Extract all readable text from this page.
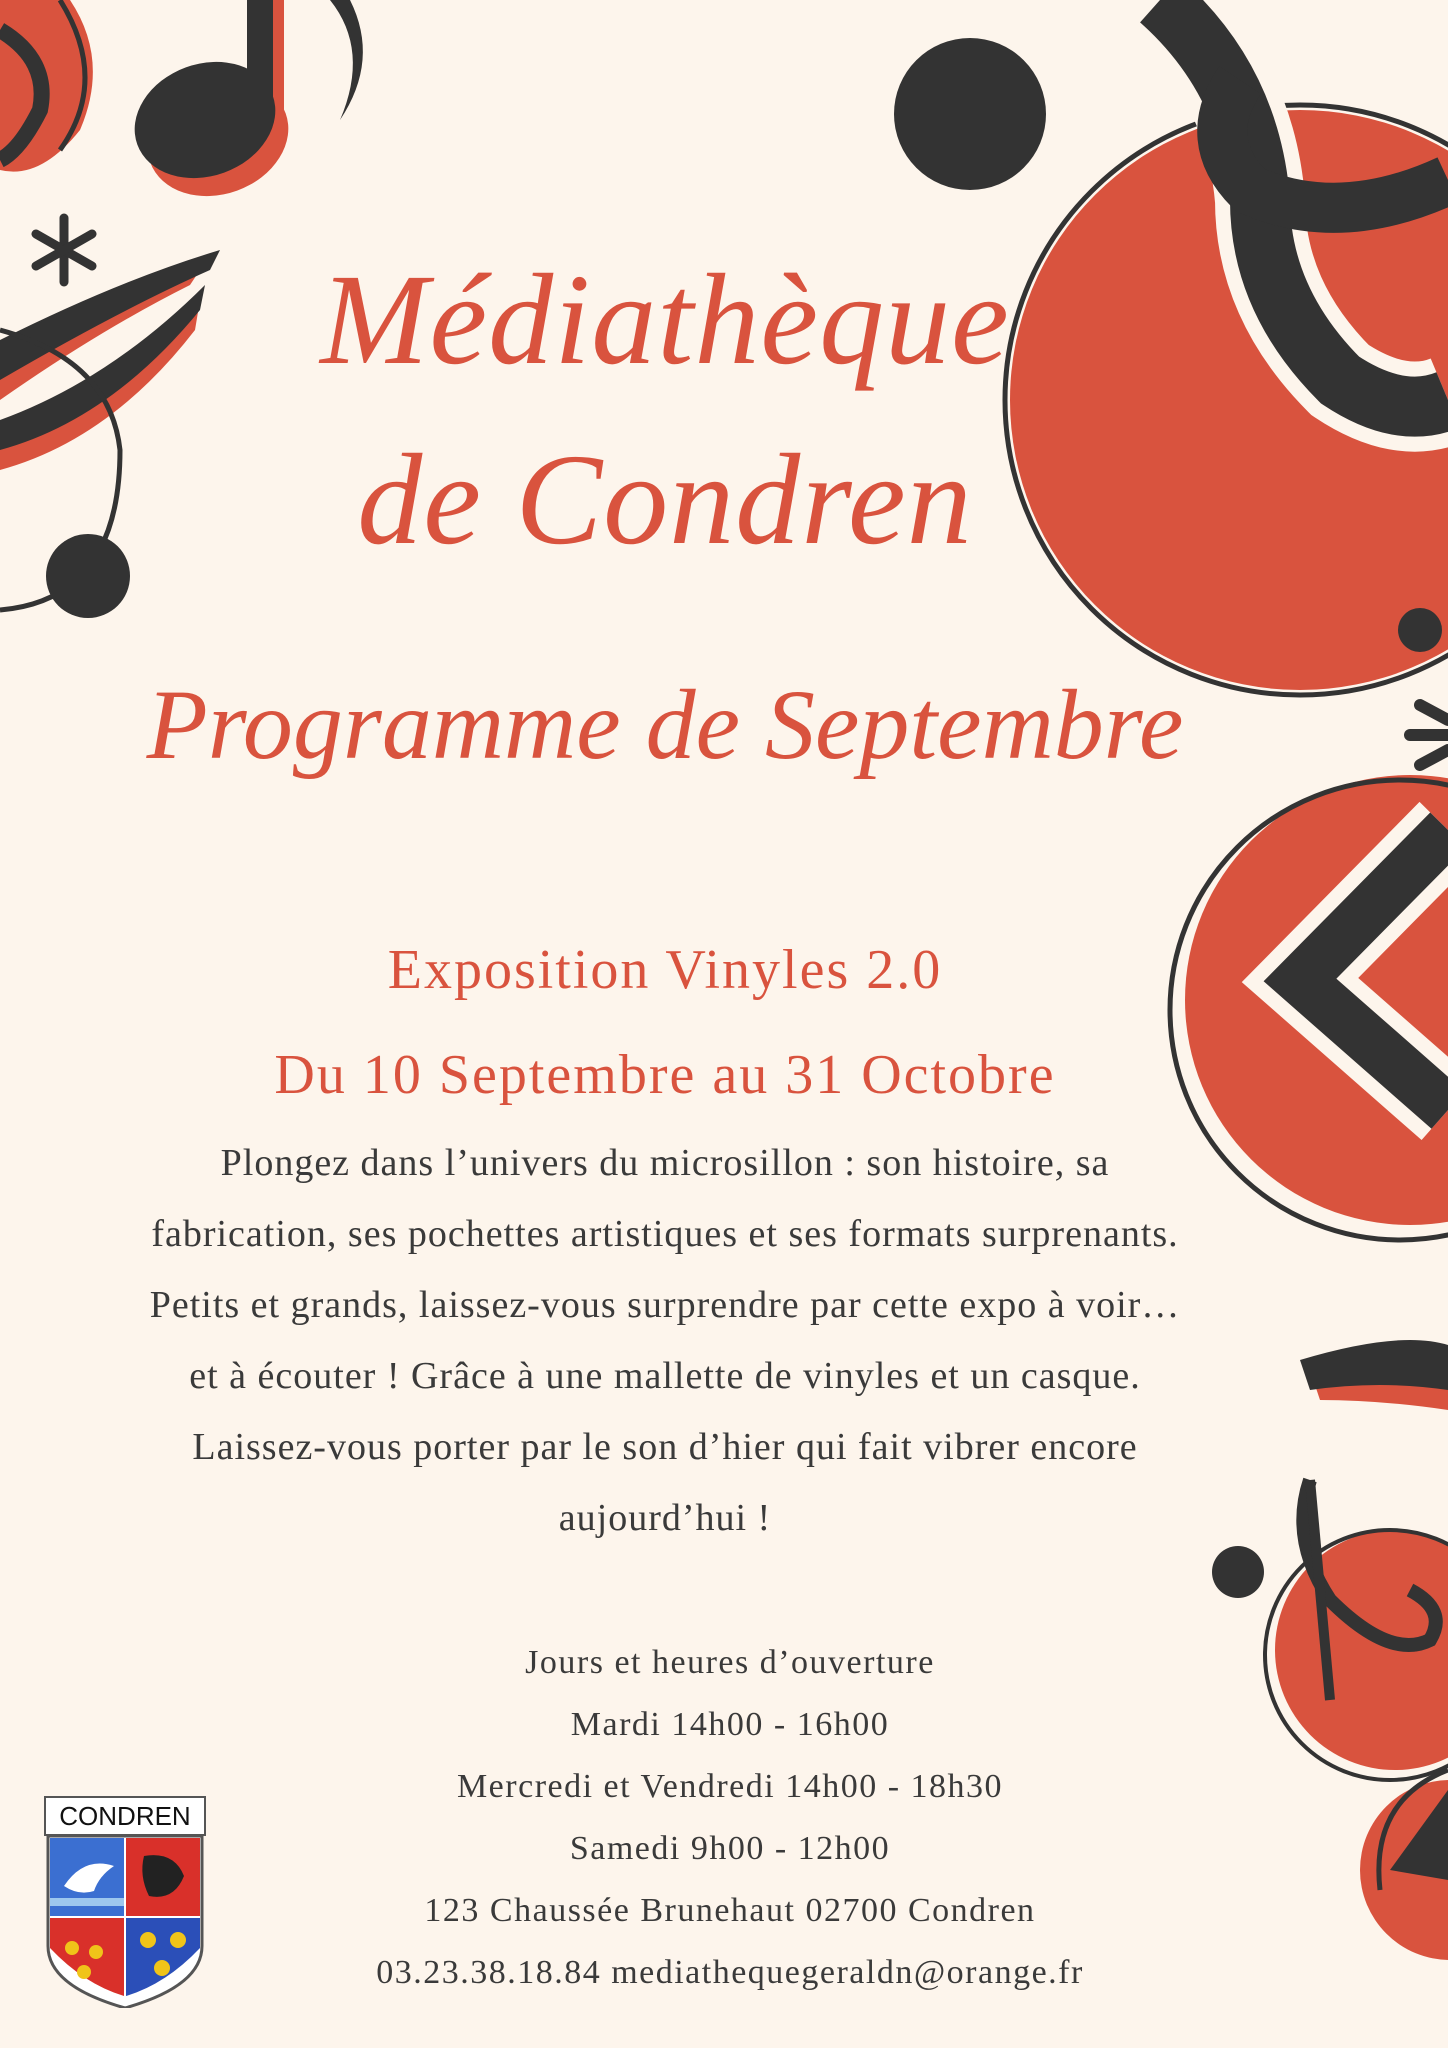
Médiathèque
de Condren
Programme de Septembre
Exposition Vinyles 2.0
Du 10 Septembre au 31 Octobre
Plongez dans l’univers du microsillon : son histoire, sa
fabrication, ses pochettes artistiques et ses formats surprenants.
Petits et grands, laissez-vous surprendre par cette expo à voir…
et à écouter ! Grâce à une mallette de vinyles et un casque.
Laissez-vous porter par le son d’hier qui fait vibrer encore
aujourd’hui !
Jours et heures d’ouverture
Mardi 14h00 - 16h00
Mercredi et Vendredi 14h00 - 18h30
Samedi 9h00 - 12h00
123 Chaussée Brunehaut 02700 Condren
03.23.38.18.84 mediathequegeraldn@orange.fr
CONDREN
